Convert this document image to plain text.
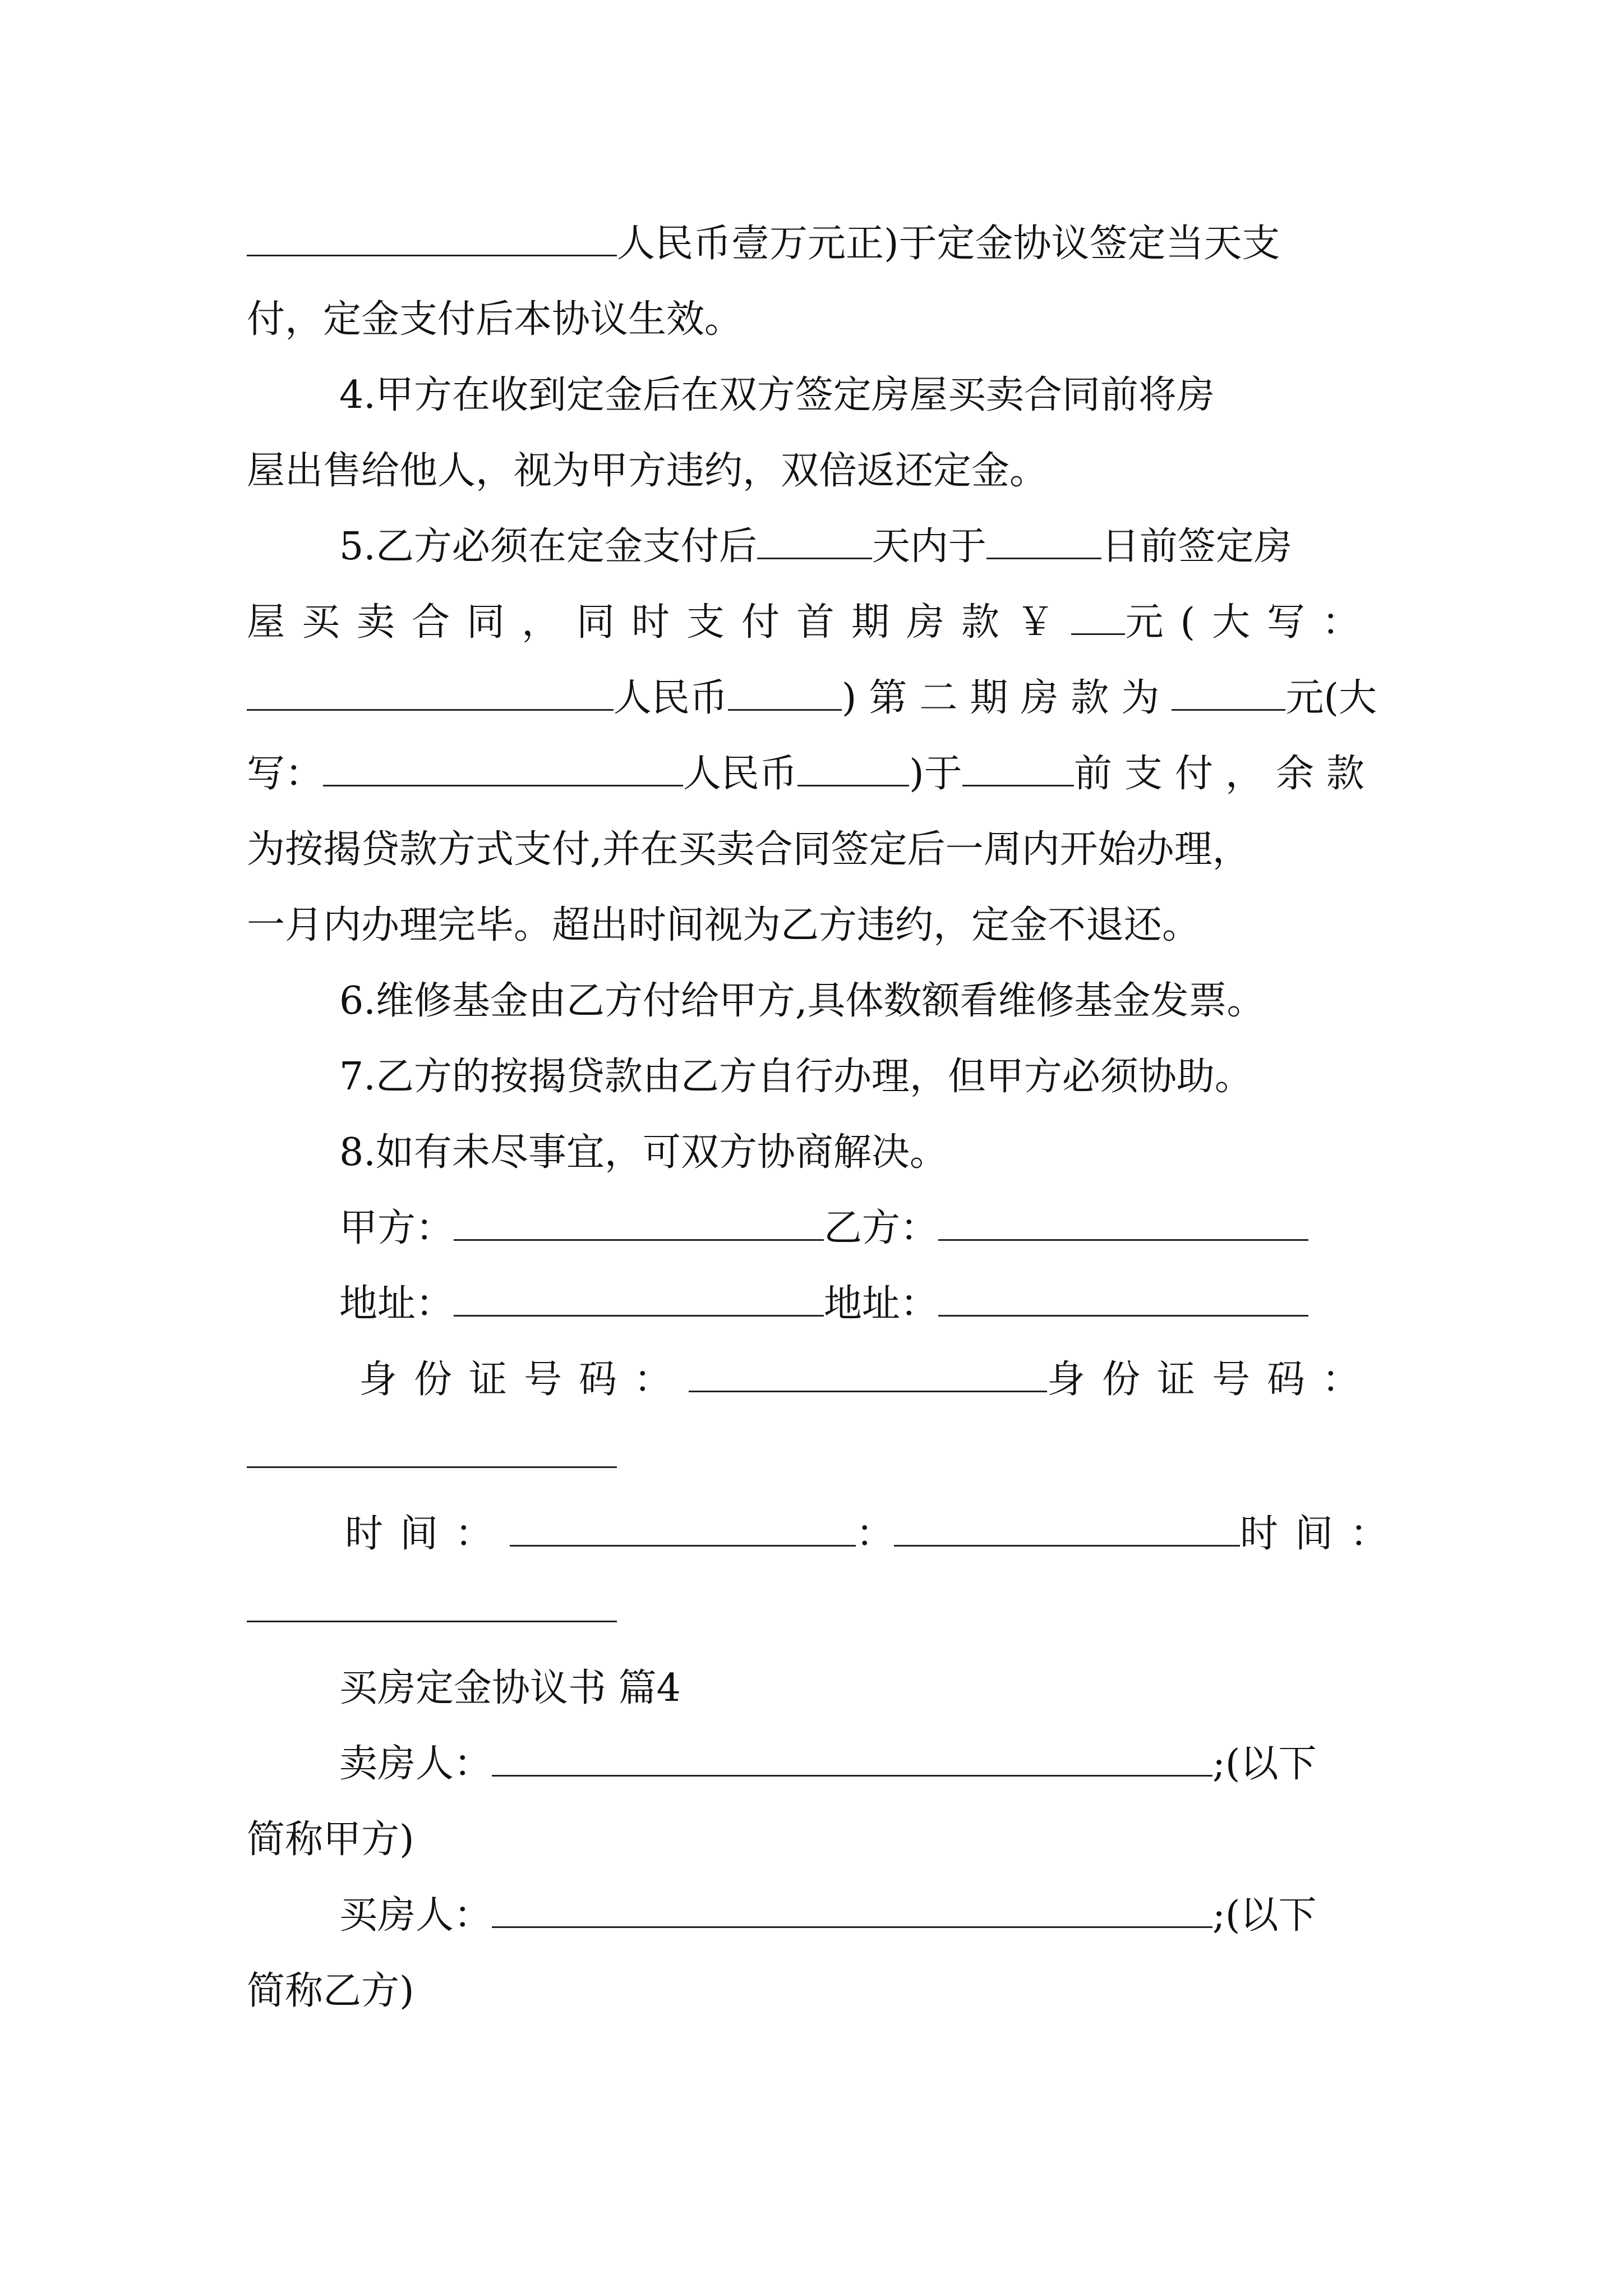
人民币壹万元正)于定金协议签定当天支
付，定金支付后本协议生效。
4.甲方在收到定金后在双方签定房屋买卖合同前将房
屋出售给他人，视为甲方违约，双倍返还定金。
5.乙方必须在定金支付后	天内于	日前签定房
屋买卖合同，同时支付首期房款￥ 元(大写：
人民币	)第二期房款为	元(大
写：	人民币	)于	前支付，余款
为按揭贷款方式支付,并在买卖合同签定后一周内开始办理，
一月内办理完毕。超出时间视为乙方违约，定金不退还。
6.维修基金由乙方付给甲方,具体数额看维修基金发票。
7.乙方的按揭贷款由乙方自行办理，但甲方必须协助。
8.如有未尽事宜，可双方协商解决。
甲方：	乙方：
地址：	地址：
身份证号码：	身份证号码：
时间：	：	时间：
买房定金协议书 篇4
卖房人：	;(以下
简称甲方)
买房人：	;(以下
简称乙方)
